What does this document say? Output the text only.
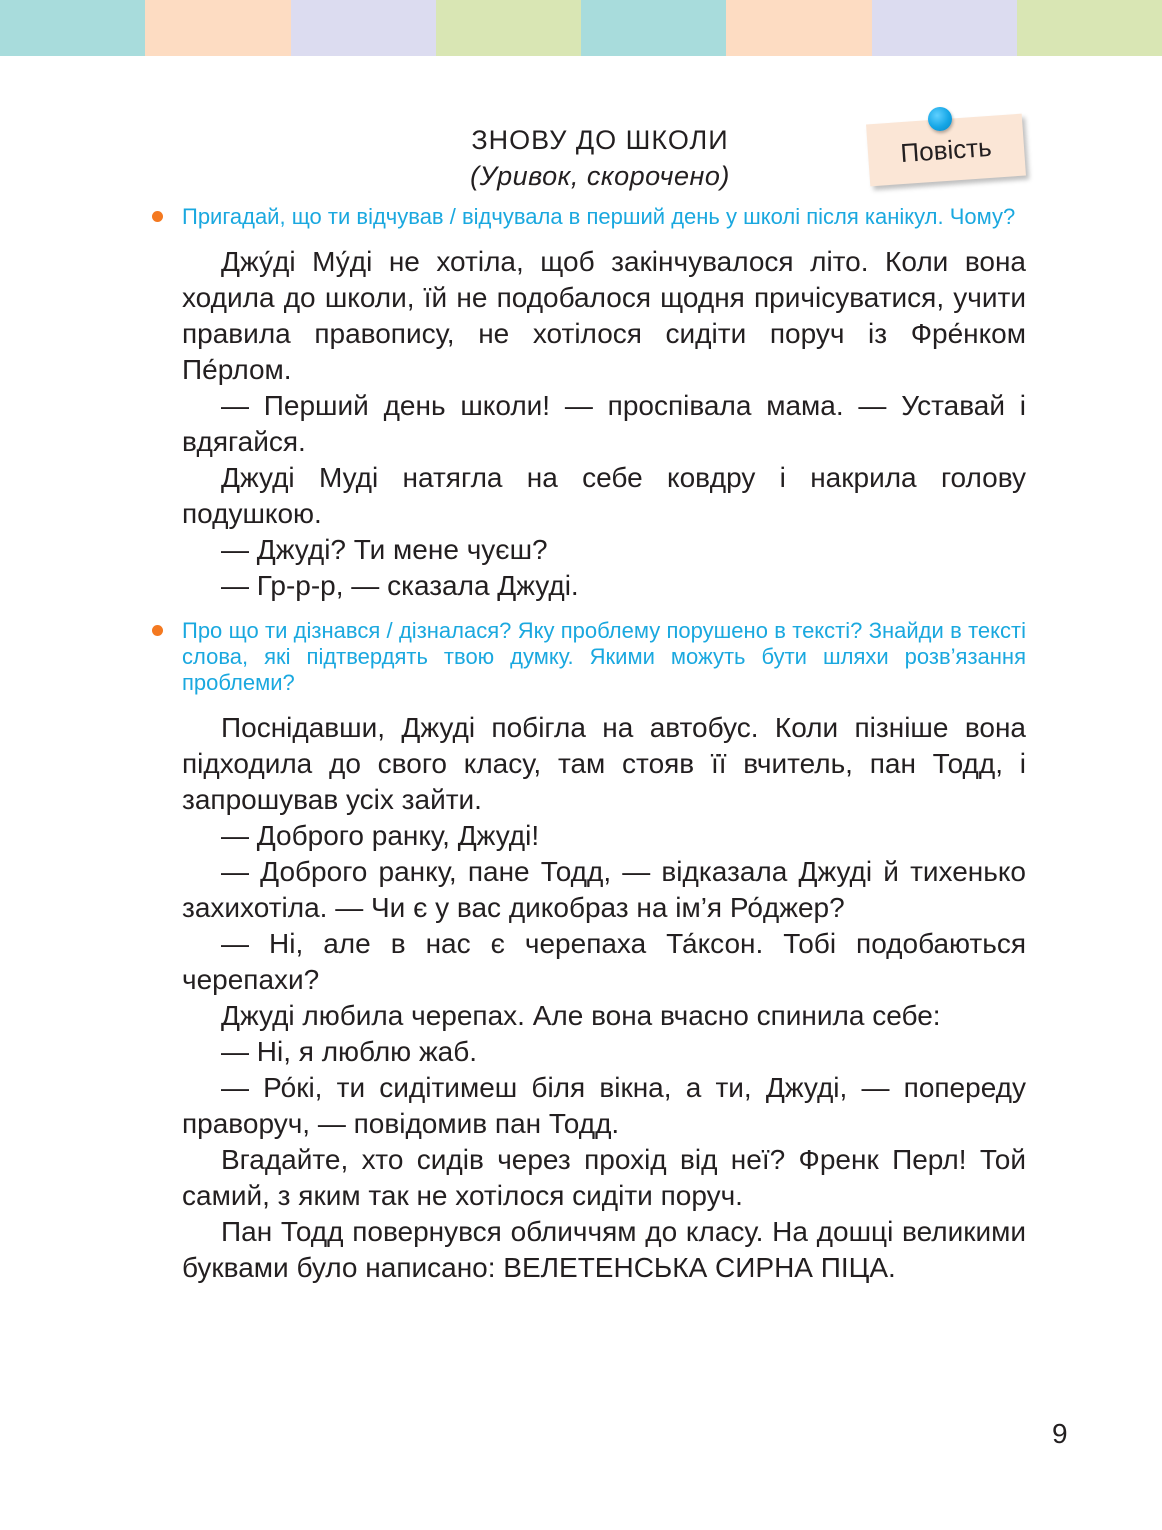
ЗНОВУ ДО ШКОЛИ
(Уривок, скорочено)
Повість
Пригадай, що ти відчував / відчувала в перший день у школі після канікул. Чому?

Джу́ді Му́ді не хотіла, щоб закінчувалося літо. Коли вона ходила до школи, їй не подобалося щодня причісуватися, учити правила правопису, не хотілося сидіти поруч із Фре́нком Пе́рлом.

— Перший день школи! — проспівала мама. — Уставай і вдягайся.

Джуді Муді натягла на себе ковдру і накрила голову подушкою.

— Джуді? Ти мене чуєш?

— Гр-р-р, — сказала Джуді.

Про що ти дізнався / дізналася? Яку проблему порушено в тексті? Знайди в тексті слова, які підтвердять твою думку. Якими можуть бути шляхи розв’язання проблеми?

Поснідавши, Джуді побігла на автобус. Коли пізніше вона підходила до свого класу, там стояв її вчитель, пан Тодд, і запрошував усіх зайти.

— Доброго ранку, Джуді!

— Доброго ранку, пане Тодд, — відказала Джуді й тихенько захихотіла. — Чи є у вас дикобраз на ім’я Ро́джер?

— Ні, але в нас є черепаха Та́ксон. Тобі подобаються черепахи?

Джуді любила черепах. Але вона вчасно спинила себе:

— Ні, я люблю жаб.

— Ро́кі, ти сидітимеш біля вікна, а ти, Джуді, — попереду праворуч, — повідомив пан Тодд.

Вгадайте, хто сидів через прохід від неї? Френк Перл! Той самий, з яким так не хотілося сидіти поруч.

Пан Тодд повернувся обличчям до класу. На дошці великими буквами було написано: ВЕЛЕТЕНСЬКА СИРНА ПІЦА.

9
